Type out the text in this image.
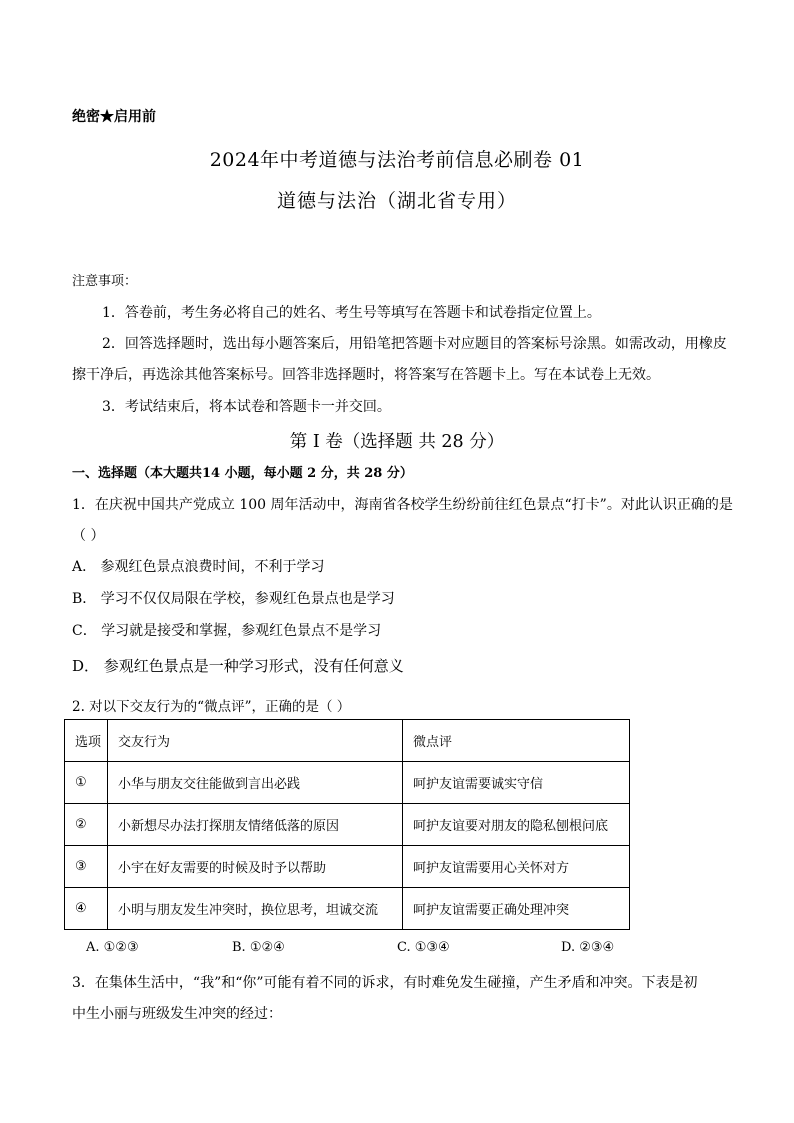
绝密★启用前
2024年中考道德与法治考前信息必刷卷 01
道德与法治（湖北省专用）
注意事项：
1．答卷前，考生务必将自己的姓名、考生号等填写在答题卡和试卷指定位置上。
2．回答选择题时，选出每小题答案后，用铅笔把答题卡对应题目的答案标号涂黑。如需改动，用橡皮
擦干净后，再选涂其他答案标号。回答非选择题时，将答案写在答题卡上。写在本试卷上无效。
3．考试结束后，将本试卷和答题卡一并交回。
第 I 卷（选择题 共 28 分）
一、选择题（本大题共14 小题，每小题 2 分，共 28 分）
1．在庆祝中国共产党成立 100 周年活动中，海南省各校学生纷纷前往红色景点“打卡”。对此认识正确的是
（ ）
A． 参观红色景点浪费时间，不利于学习
B． 学习不仅仅局限在学校，参观红色景点也是学习
C． 学习就是接受和掌握，参观红色景点不是学习
D． 参观红色景点是一种学习形式，没有任何意义
2. 对以下交友行为的“微点评”，正确的是（ ）
选项	交友行为	微点评
①	小华与朋友交往能做到言出必践	呵护友谊需要诚实守信
②	小新想尽办法打探朋友情绪低落的原因	呵护友谊要对朋友的隐私刨根问底
③	小宇在好友需要的时候及时予以帮助	呵护友谊需要用心关怀对方
④	小明与朋友发生冲突时，换位思考，坦诚交流	呵护友谊需要正确处理冲突
A. ①②③	B. ①②④	C. ①③④	D. ②③④
3．在集体生活中，“我”和“你”可能有着不同的诉求，有时难免发生碰撞，产生矛盾和冲突。下表是初
中生小丽与班级发生冲突的经过：
